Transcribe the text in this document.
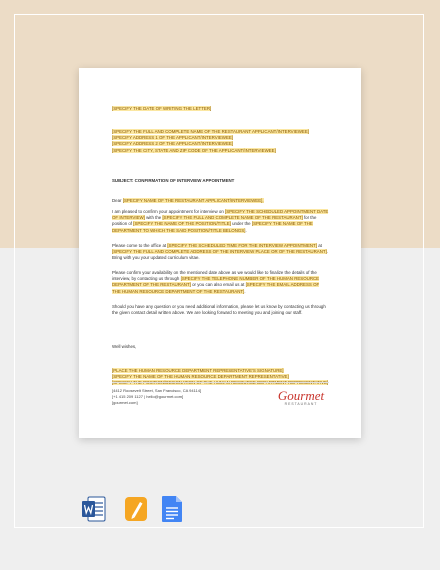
[SPECIFY THE DATE OF WRITING THE LETTER]
[SPECIFY THE FULL AND COMPLETE NAME OF THE RESTAURANT APPLICANT/INTERVIEWEE]
[SPECIFY ADDRESS 1 OF THE APPLICANT/INTERVIEWEE]
[SPECIFY ADDRESS 2 OF THE APPLICANT/INTERVIEWEE]
[SPECIFY THE CITY, STATE AND ZIP CODE OF THE APPLICANT/INTERVIEWEE]
SUBJECT: CONFIRMATION OF INTERVIEW APPOINTMENT
Dear [SPECIFY NAME OF THE RESTAURANT APPLICANT/INTERVIEWEE],
I am pleased to confirm your appointment for interview on [SPECIFY THE SCHEDULED APPOINTMENT DATE OF INTERVIEW] with the [SPECIFY THE FULL AND COMPLETE NAME OF THE RESTAURANT] for the position of [SPECIFY THE NAME OF THE POSITION/TITLE] under the [SPECIFY THE NAME OF THE DEPARTMENT TO WHICH THE SAID POSITION/TITLE BELONGS].
Please come to the office at [SPECIFY THE SCHEDULED TIME FOR THE INTERVIEW APPOINTMENT] at [SPECIFY THE FULL AND COMPLETE ADDRESS OF THE INTERVIEW PLACE OR OF THE RESTAURANT]. Bring with you your updated curriculum vitae.
Please confirm your availability on the mentioned date above as we would like to finalize the details of the interview, by contacting us through [SPECIFY THE TELEPHONE NUMBER OF THE HUMAN RESOURCE DEPARTMENT OF THE RESTAURANT] or you can also email us at [SPECIFY THE EMAIL ADDRESS OF THE HUMAN RESOURCE DEPARTMENT OF THE RESTAURANT].
Should you have any question or you need additional information, please let us know by contacting us through the given contact detail written above. We are looking forward to meeting you and joining our staff.
Well wishes,
[PLACE THE HUMAN RESOURCE DEPARTMENT REPRESENTATIVE'S SIGNATURE]
[SPECIFY THE NAME OF THE HUMAN RESOURCE DEPARTMENT REPRESENTATIVE]
[4412 Roosevelt Street, San Francisco, CA 94114]
[+1 415 209 1127 | hello@gourmet.com]
[gourmet.com]	Gourmet
RESTAURANT
